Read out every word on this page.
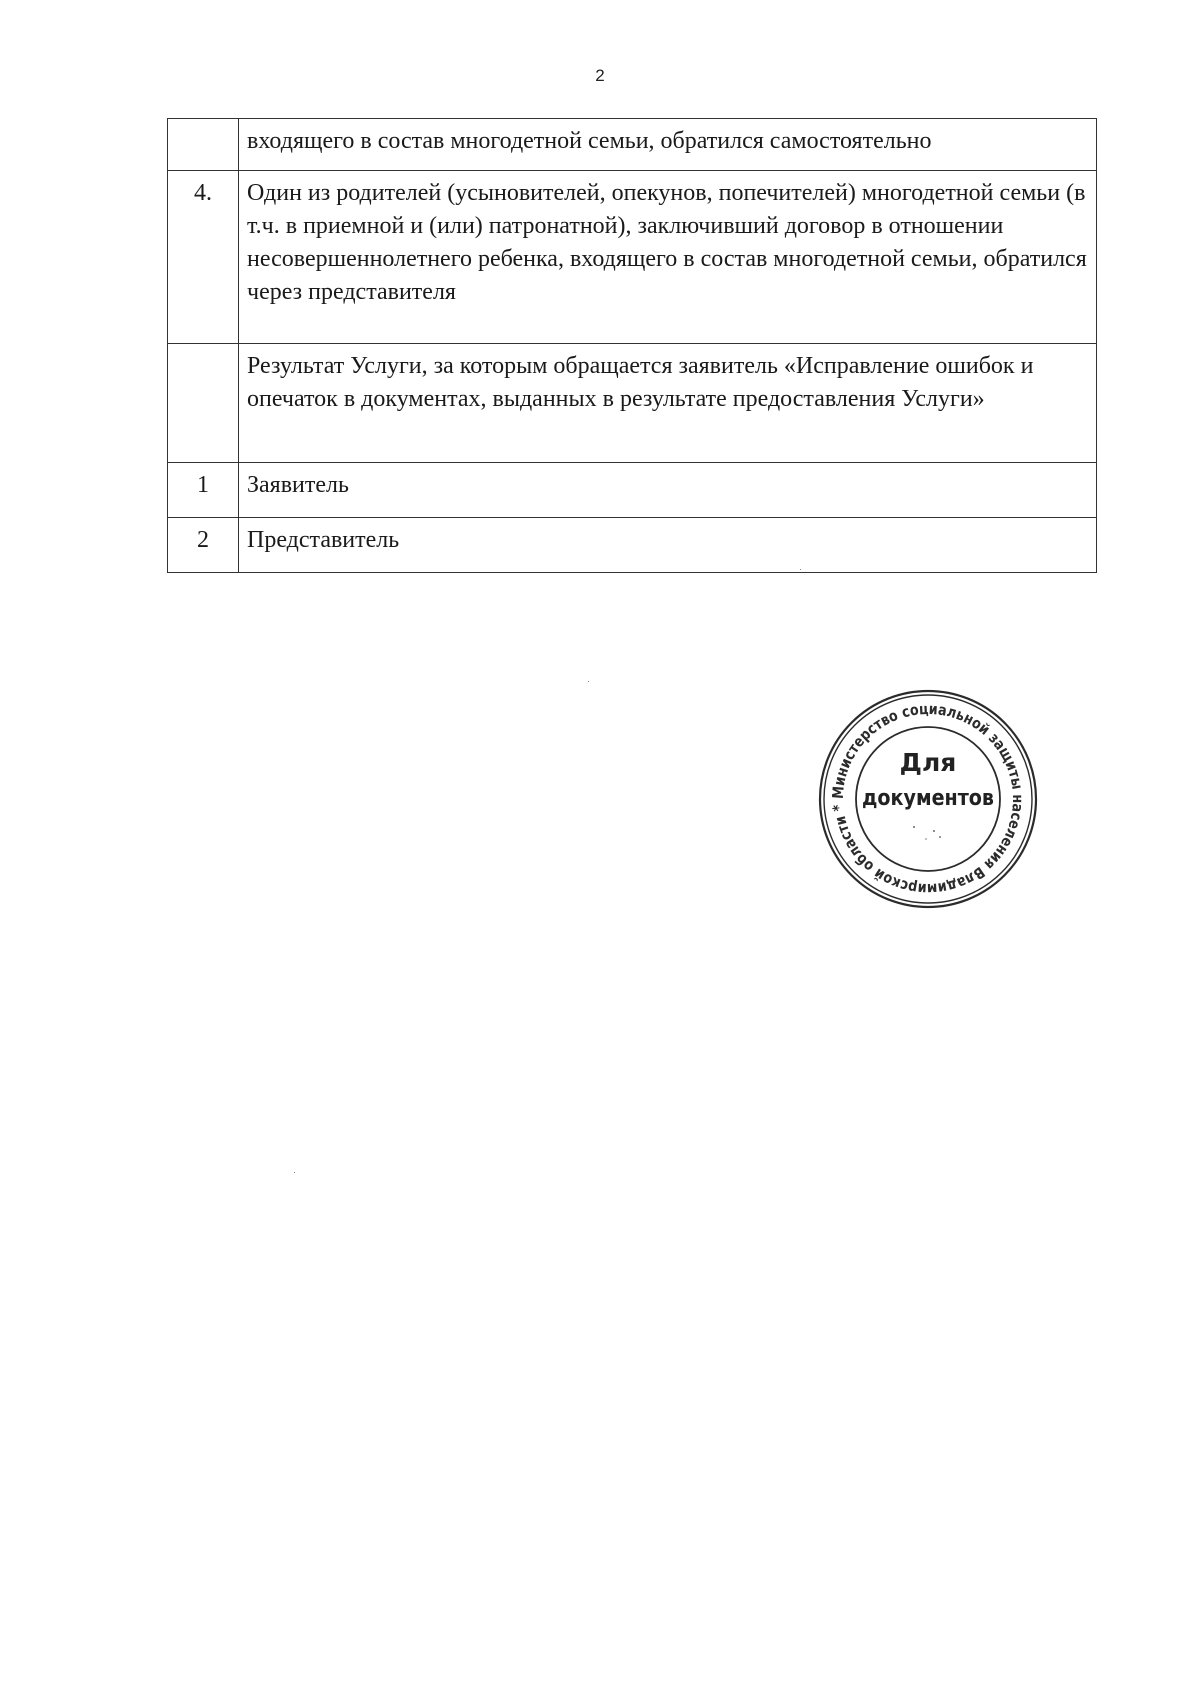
2
	входящего в состав многодетной семьи, обратился самостоятельно
4.	Один из родителей (усыновителей, опекунов, попечителей) многодетной семьи (в т.ч. в приемной и (или) патронатной), заключивший договор в отношении несовершеннолетнего ребенка, входящего в состав многодетной семьи, обратился через представителя
	Результат Услуги, за которым обращается заявитель «Исправление ошибок и опечаток в документах, выданных в результате предоставления Услуги»
1	Заявитель
2	Представитель
Министерство социальной защиты населения Владимирской области *
Для
документов
